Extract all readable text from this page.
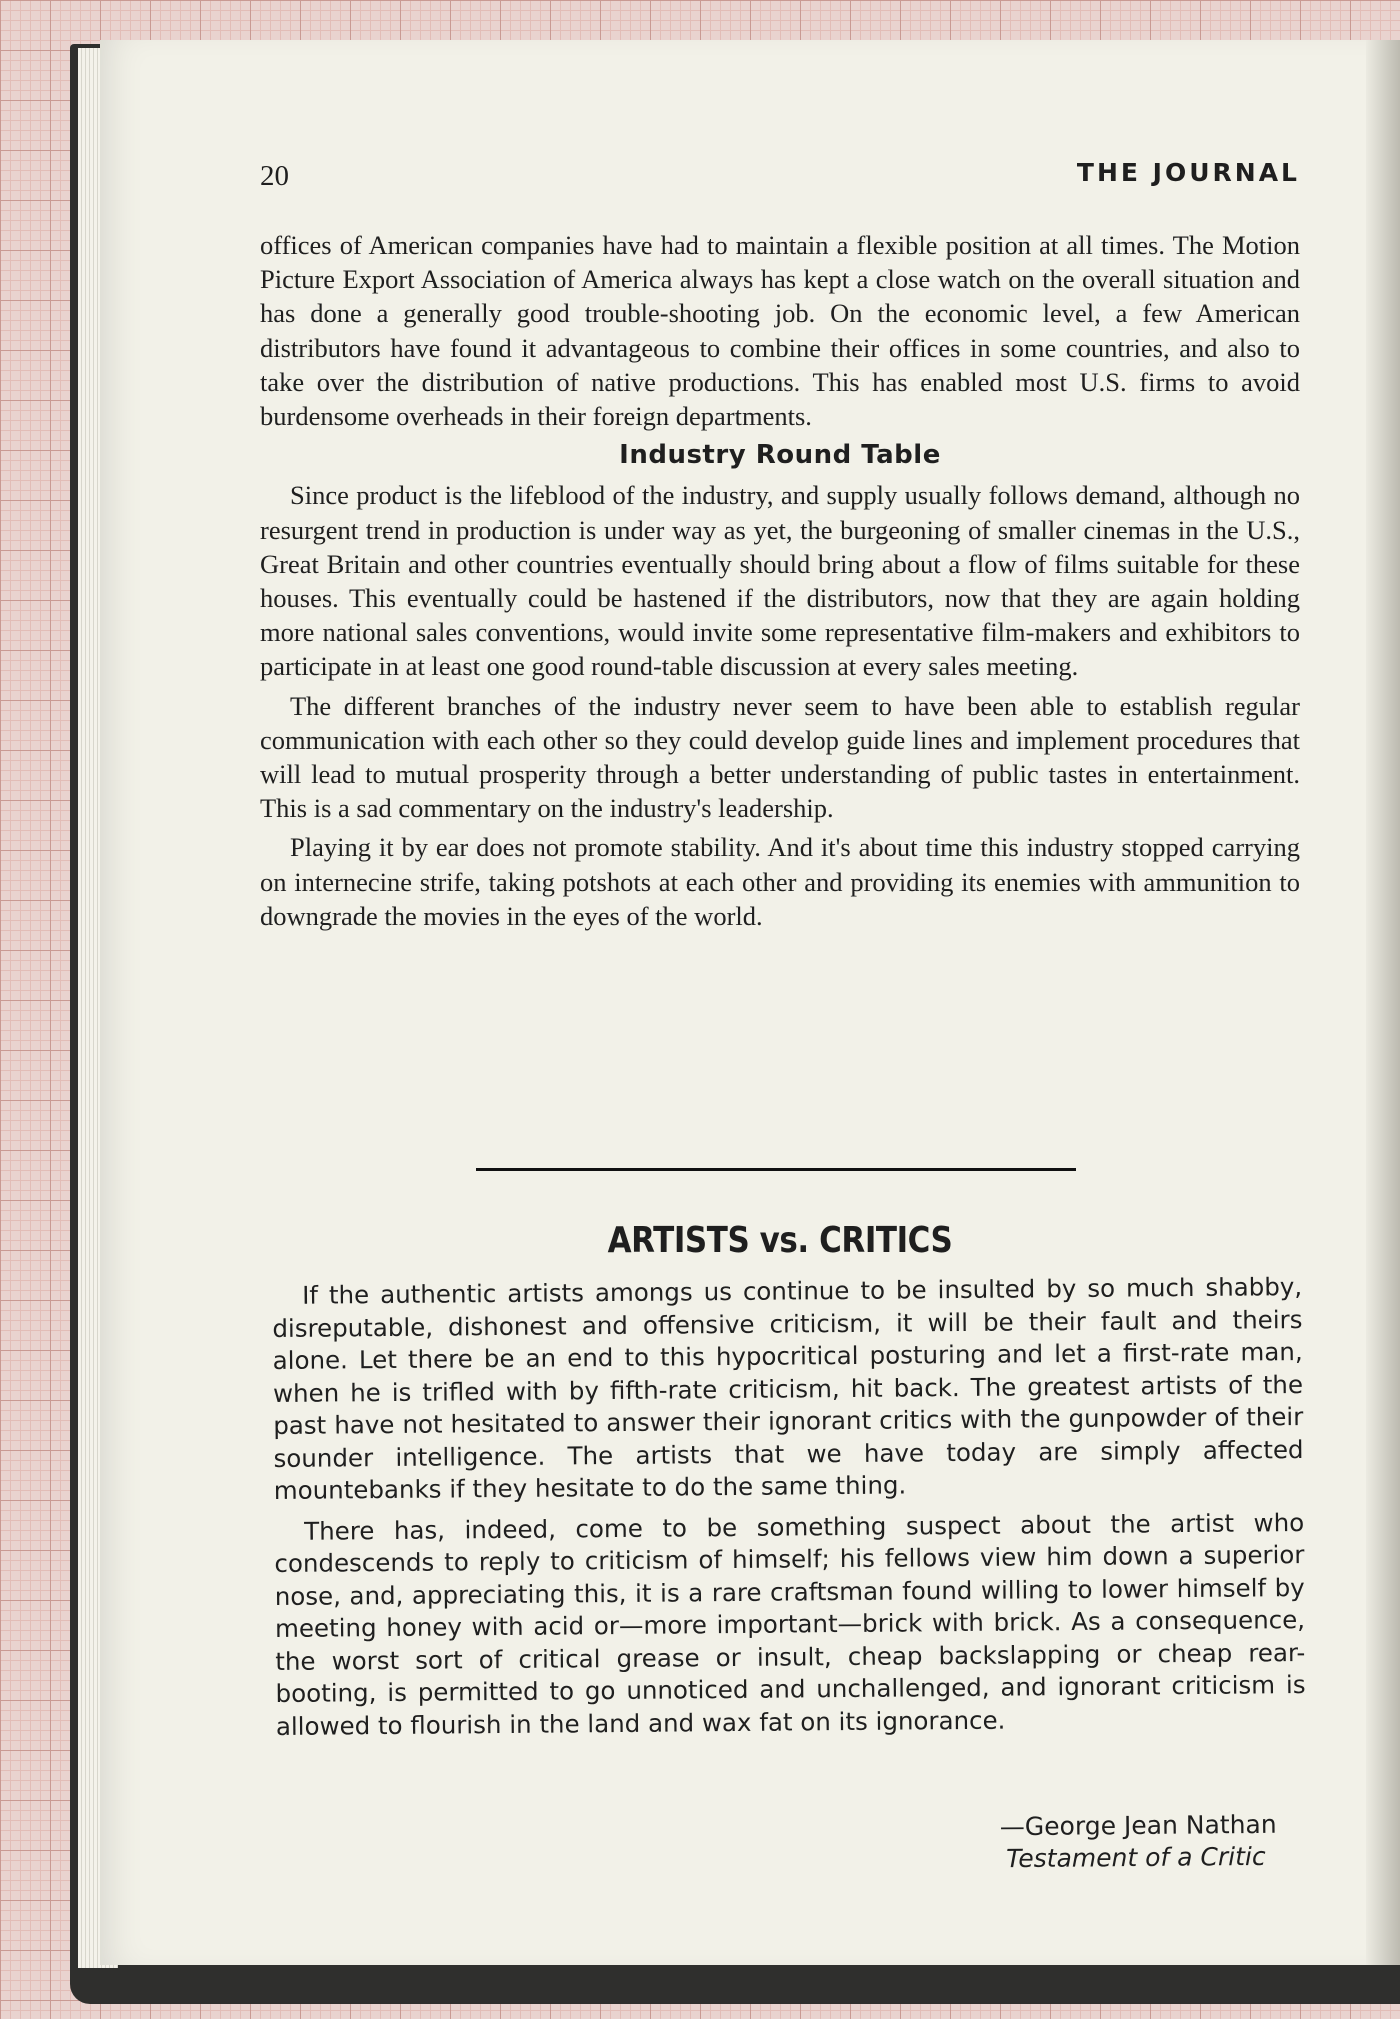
20	THE JOURNAL

offices of American companies have had to maintain a flexible position at all times. The Motion Picture Export Association of America always has kept a close watch on the overall situation and has done a generally good trouble-shooting job. On the economic level, a few American distributors have found it advantageous to combine their offices in some countries, and also to take over the distribution of native productions. This has enabled most U.S. firms to avoid burdensome overheads in their foreign departments.

Industry Round Table

Since product is the lifeblood of the industry, and supply usually follows demand, although no resurgent trend in production is under way as yet, the burgeoning of smaller cinemas in the U.S., Great Britain and other countries eventually should bring about a flow of films suitable for these houses. This eventually could be hastened if the distributors, now that they are again holding more national sales conventions, would invite some representative film-makers and exhibitors to participate in at least one good round-table discussion at every sales meeting.

The different branches of the industry never seem to have been able to establish regular communication with each other so they could develop guide lines and implement procedures that will lead to mutual prosperity through a better understanding of public tastes in entertainment. This is a sad commentary on the industry's leadership.

Playing it by ear does not promote stability. And it's about time this industry stopped carrying on internecine strife, taking potshots at each other and providing its enemies with ammunition to downgrade the movies in the eyes of the world.

ARTISTS vs. CRITICS

If the authentic artists amongs us continue to be insulted by so much shabby, disreputable, dishonest and offensive criticism, it will be their fault and theirs alone. Let there be an end to this hypocritical posturing and let a first-rate man, when he is trifled with by fifth-rate criticism, hit back. The greatest artists of the past have not hesitated to answer their ignorant critics with the gunpowder of their sounder intelligence. The artists that we have today are simply affected mountebanks if they hesitate to do the same thing.

There has, indeed, come to be something suspect about the artist who condescends to reply to criticism of himself; his fellows view him down a superior nose, and, appreciating this, it is a rare craftsman found willing to lower himself by meeting honey with acid or—more important—brick with brick. As a consequence, the worst sort of critical grease or insult, cheap backslapping or cheap rear-booting, is permitted to go unnoticed and unchallenged, and ignorant criticism is allowed to flourish in the land and wax fat on its ignorance.

—George Jean Nathan
Testament of a Critic
